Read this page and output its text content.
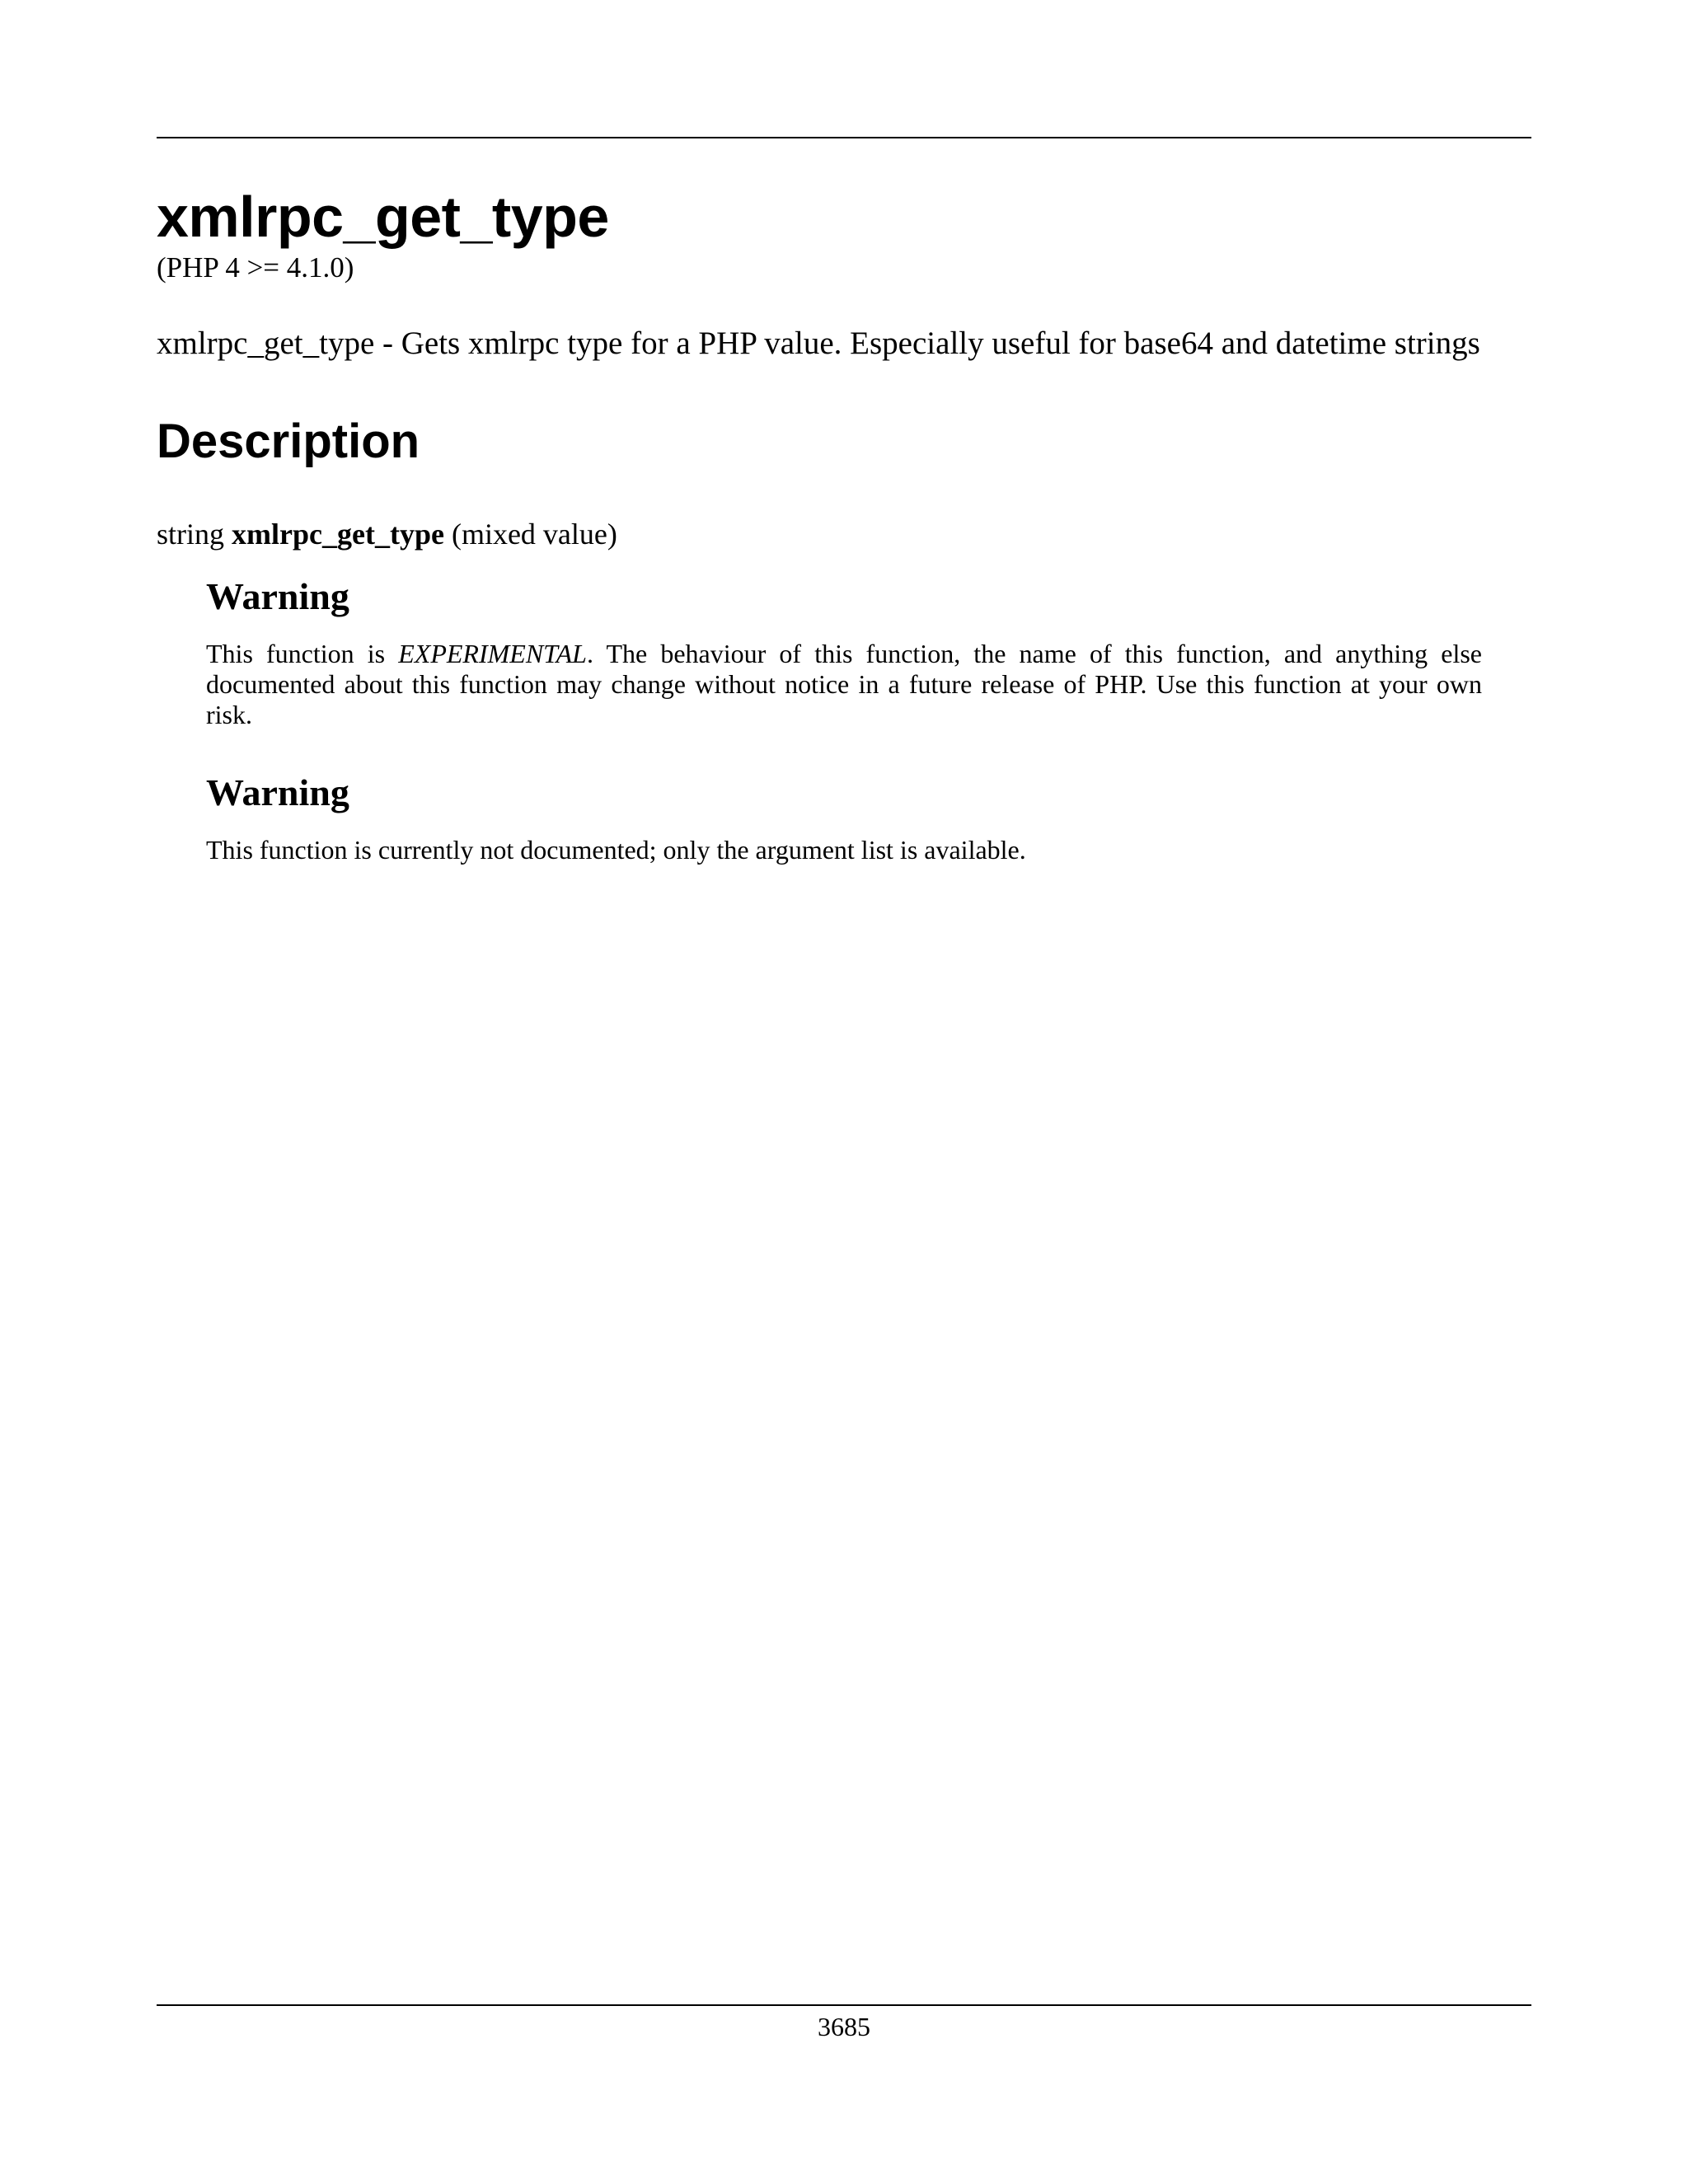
xmlrpc_get_type
(PHP 4 >= 4.1.0)
xmlrpc_get_type - Gets xmlrpc type for a PHP value. Especially useful for base64 and datetime strings
Description
string xmlrpc_get_type (mixed value)
Warning

This function is EXPERIMENTAL. The behaviour of this function, the name of this function, and anything else documented about this function may change without notice in a future release of PHP. Use this function at your own risk.

Warning

This function is currently not documented; only the argument list is available.

3685
